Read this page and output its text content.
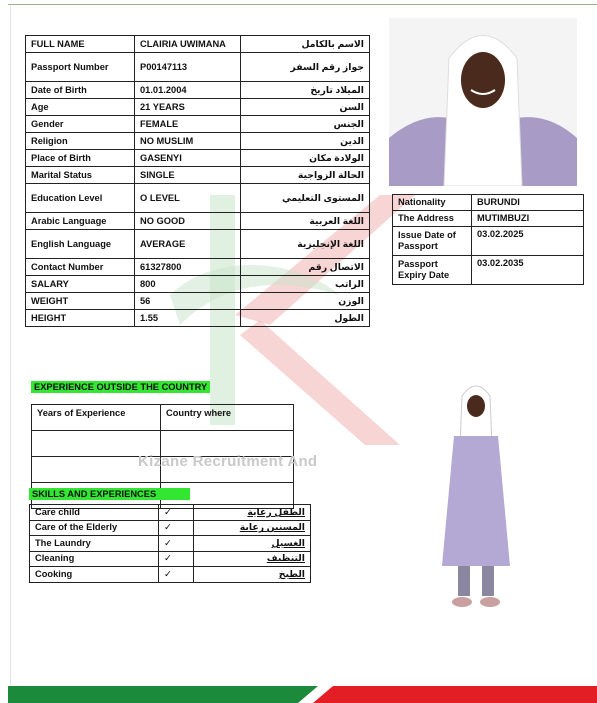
FULL NAME	CLAIRIA UWIMANA	الاسم بالكامل
Passport Number	P00147113	جواز رقم السفر
Date of Birth	01.01.2004	الميلاد تاريخ
Age	21 YEARS	السن
Gender	FEMALE	الجنس
Religion	NO MUSLIM	الدين
Place of Birth	GASENYI	الولادة مكان
Marital Status	SINGLE	الحالة الزواجية
Education Level	O LEVEL	المستوى التعليمي
Arabic Language	NO GOOD	اللغة العربية
English Language	AVERAGE	اللغة الإنجليزية
Contact Number	61327800	الاتصال رقم
SALARY	800	الراتب
WEIGHT	56	الوزن
HEIGHT	1.55	الطول
Nationality	BURUNDI
The Address	MUTIMBUZI
Issue Date of Passport	03.02.2025
Passport Expiry Date	03.02.2035
EXPERIENCE OUTSIDE THE COUNTRY
Years of Experience	Country where

Kizane Recruitment And
SKILLS AND EXPERIENCES
Care child	✓	الطفل رعاية
Care of the Elderly	✓	المسنين رعاية
The Laundry	✓	الغسيل
Cleaning	✓	التنظيف
Cooking	✓	الطبخ
